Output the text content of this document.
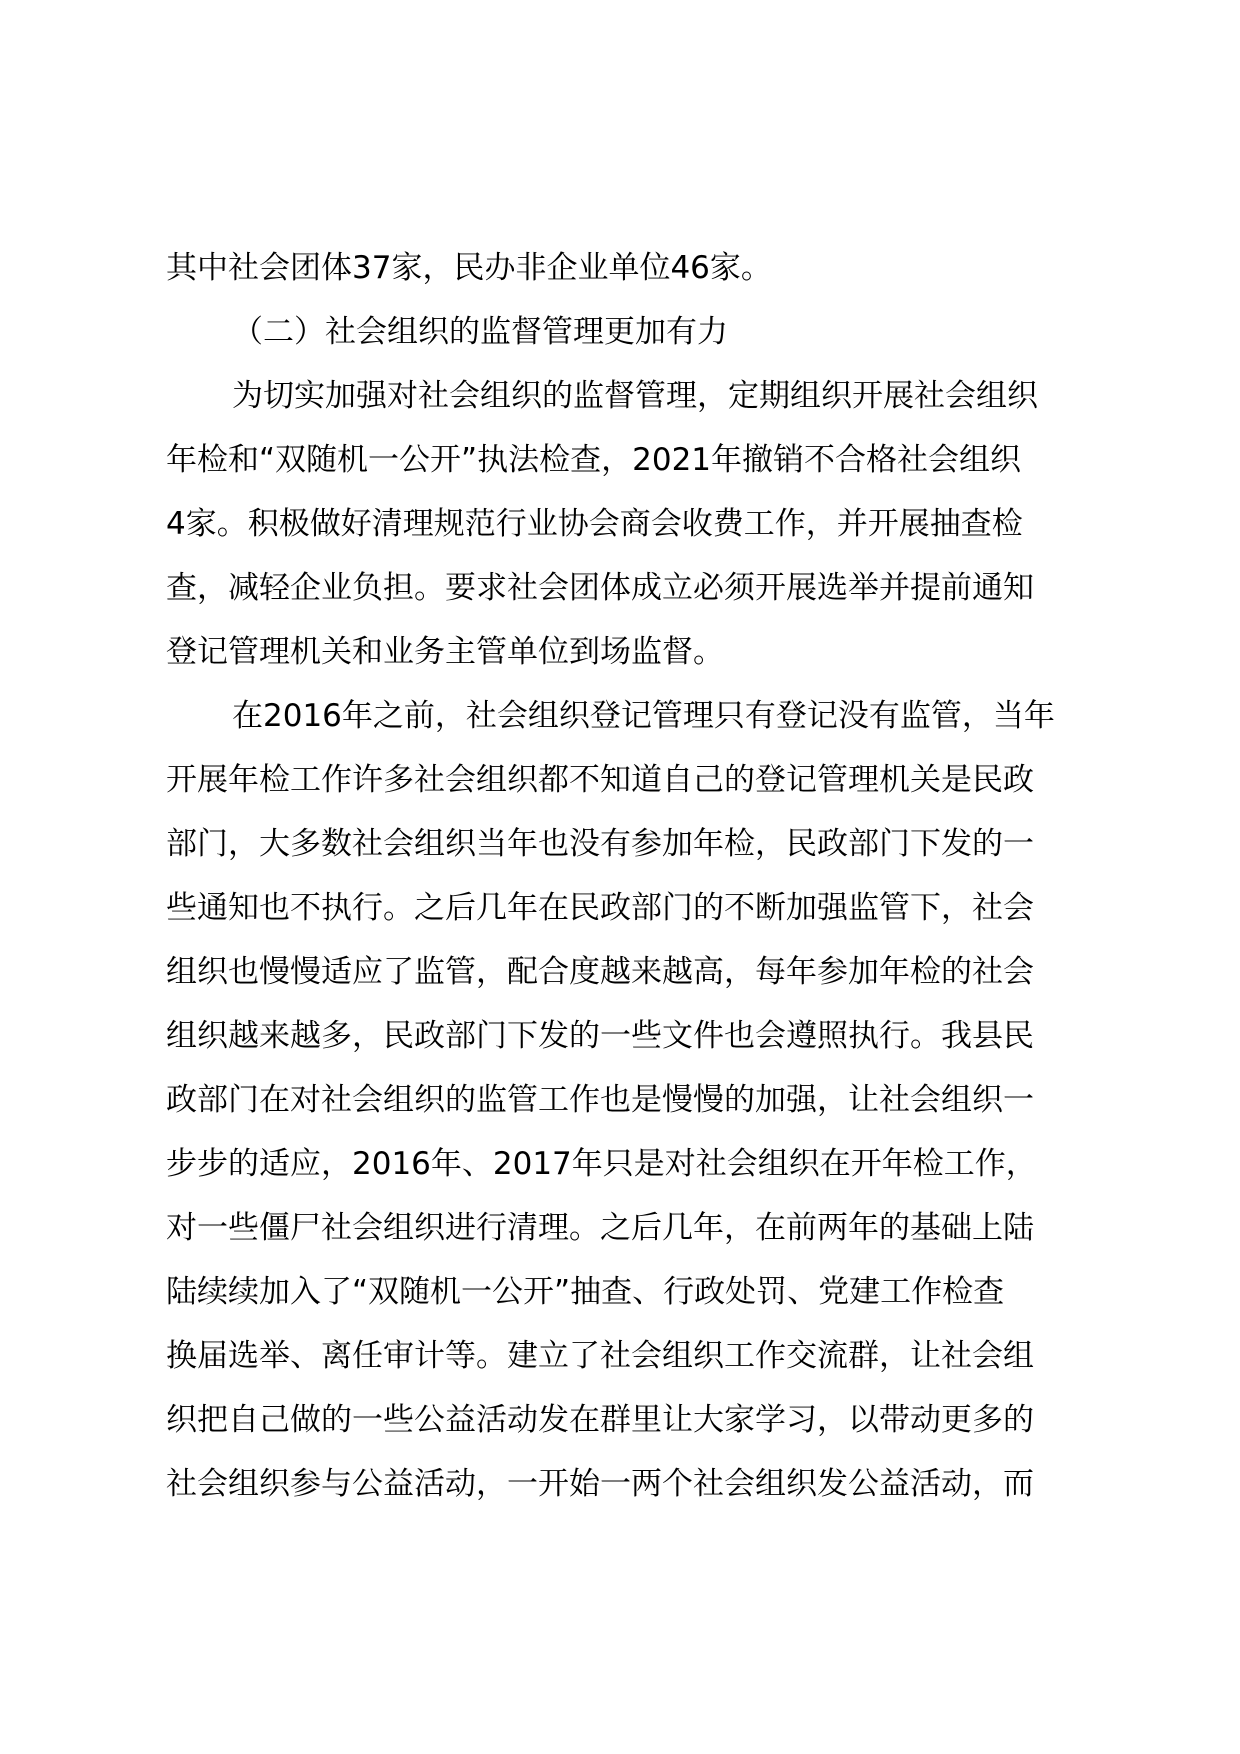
其中社会团体37家，民办非企业单位46家。
（二）社会组织的监督管理更加有力
为切实加强对社会组织的监督管理，定期组织开展社会组织
年检和“双随机一公开”执法检查，2021年撤销不合格社会组织
4家。积极做好清理规范行业协会商会收费工作，并开展抽查检
查，减轻企业负担。要求社会团体成立必须开展选举并提前通知
登记管理机关和业务主管单位到场监督。
在2016年之前，社会组织登记管理只有登记没有监管，当年
开展年检工作许多社会组织都不知道自己的登记管理机关是民政
部门，大多数社会组织当年也没有参加年检，民政部门下发的一
些通知也不执行。之后几年在民政部门的不断加强监管下，社会
组织也慢慢适应了监管，配合度越来越高，每年参加年检的社会
组织越来越多，民政部门下发的一些文件也会遵照执行。我县民
政部门在对社会组织的监管工作也是慢慢的加强，让社会组织一
步步的适应，2016年、2017年只是对社会组织在开年检工作，
对一些僵尸社会组织进行清理。之后几年，在前两年的基础上陆
陆续续加入了“双随机一公开”抽查、行政处罚、党建工作检查
换届选举、离任审计等。建立了社会组织工作交流群，让社会组
织把自己做的一些公益活动发在群里让大家学习，以带动更多的
社会组织参与公益活动，一开始一两个社会组织发公益活动，而
